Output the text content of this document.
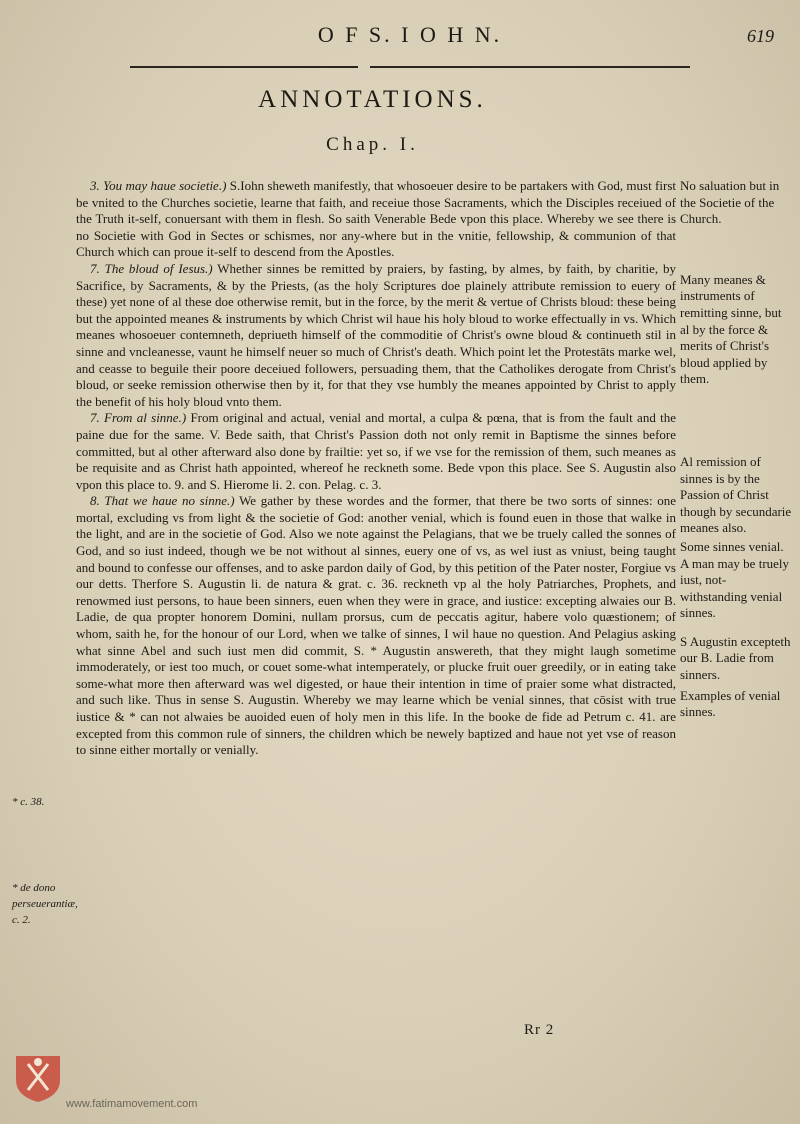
O F S. I O H N.	619
ANNOTATIONS.
Chap. I.

3. You may haue societie.) S.Iohn sheweth manifestly, that whosoeuer desire to be partakers with God, must first be vnited to the Churches societie, learne that faith, and receiue those Sacraments, which the Disciples receiued of the Truth it-self, conuersant with them in flesh. So saith Venerable Bede vpon this place. Whereby we see there is no Societie with God in Sectes or schismes, nor any-where but in the vnitie, fellowship, & communion of that Church which can proue it-self to descend from the Apostles.

7. The bloud of Iesus.) Whether sinnes be remitted by praiers, by fasting, by almes, by faith, by charitie, by Sacrifice, by Sacraments, & by the Priests, (as the holy Scriptures doe plainely attribute remission to euery of these) yet none of al these doe otherwise remit, but in the force, by the merit & vertue of Christs bloud: these being but the appointed meanes & instruments by which Christ wil haue his holy bloud to worke effectually in vs. Which meanes whosoeuer contemneth, depriueth himself of the commoditie of Christ's owne bloud & continueth stil in sinne and vncleanesse, vaunt he himself neuer so much of Christ's death. Which point let the Protestāts marke wel, and ceasse to beguile their poore deceiued followers, persuading them, that the Catholikes derogate from Christ's bloud, or seeke remission otherwise then by it, for that they vse humbly the meanes appointed by Christ to apply the benefit of his holy bloud vnto them.

7. From al sinne.) From original and actual, venial and mortal, a culpa & pœna, that is from the fault and the paine due for the same. V. Bede saith, that Christ's Passion doth not only remit in Baptisme the sinnes before committed, but al other afterward also done by frailtie: yet so, if we vse for the remission of them, such meanes as be requisite and as Christ hath appointed, whereof he reckneth some. Bede vpon this place. See S. Augustin also vpon this place to. 9. and S. Hierome li. 2. con. Pelag. c. 3.

8. That we haue no sinne.) We gather by these wordes and the former, that there be two sorts of sinnes: one mortal, excluding vs from light & the societie of God: another venial, which is found euen in those that walke in the light, and are in the societie of God. Also we note against the Pelagians, that we be truely called the sonnes of God, and so iust indeed, though we be not without al sinnes, euery one of vs, as wel iust as vniust, being taught and bound to confesse our offenses, and to aske pardon daily of God, by this petition of the Pater noster, Forgiue vs our detts. Therfore S. Augustin li. de natura & grat. c. 36. reckneth vp al the holy Patriarches, Prophets, and renowmed iust persons, to haue been sinners, euen when they were in grace, and iustice: excepting alwaies our B. Ladie, de qua propter honorem Domini, nullam prorsus, cum de peccatis agitur, habere volo quæstionem; of whom, saith he, for the honour of our Lord, when we talke of sinnes, I wil haue no question. And Pelagius asking what sinne Abel and such iust men did commit, S. * Augustin answereth, that they might laugh sometime immoderately, or iest too much, or couet some-what intemperately, or plucke fruit ouer greedily, or in eating take some-what more then afterward was wel digested, or haue their intention in time of praier some what distracted, and such like. Thus in sense S. Augustin. Whereby we may learne which be venial sinnes, that cōsist with true iustice & * can not alwaies be auoided euen of holy men in this life. In the booke de fide ad Petrum c. 41. are excepted from this common rule of sinners, the children which be newely baptized and haue not yet vse of reason to sinne either mortally or venially.

No saluation but in the Societie of the Church.

Many meanes & instruments of remitting sinne, but al by the force & merits of Christ's bloud applied by them.

Al remission of sinnes is by the Passion of Christ though by secundarie meanes also.

Some sinnes venial.

A man may be truely iust, not-withstanding venial sinnes.

S Augustin excepteth our B. Ladie from sinners.

Examples of venial sinnes.

* c. 38.
* de dono perseuerantiæ, c. 2.
Rr 2
www.fatimamovement.com
